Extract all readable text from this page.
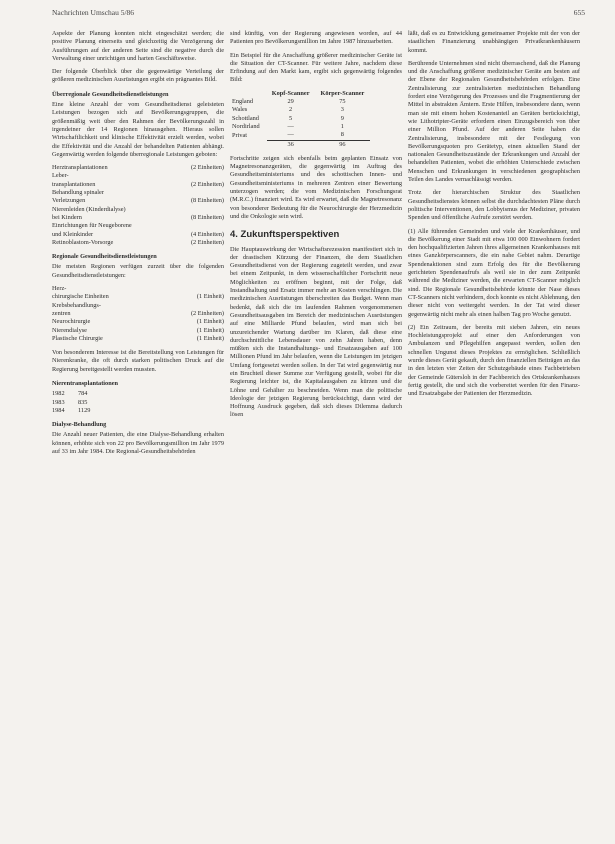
Nachrichten Umschau 5/86	655

Aspekte der Planung konnten nicht eingeschätzt werden; die positive Planung einerseits und gleichzeitig die Verzögerung der Ausführungen auf der anderen Seite sind die negative durch die Verwaltung einer unrichtigen und harten Geschäftsweise.

Der folgende Überblick über die gegenwärtige Verteilung der größeren medizinischen Ausrüstungen ergibt ein prägnantes Bild.

Überregionale Gesundheitsdienstleistungen

Eine kleine Anzahl der vom Gesundheitsdienst geleisteten Leistungen bezogen sich auf Bevölkerungsgruppen, die größenmäßig weit über den Rahmen der Bevölkerungszahl in irgendeiner der 14 Regionen hinausgehen. Hieraus sollen Wirtschaftlichkeit und klinische Effektivität erzielt werden, wobei die Effektivität und die Anzahl der behandelten Patienten abhängt. Gegenwärtig werden folgende überregionale Leistungen geboten:

Herztransplantationen	(2 Einheiten)
Leber-
transplantationen	(2 Einheiten)
Behandlung spinaler
Verletzungen	(8 Einheiten)
Nierenleiden (Kinderdialyse)
bei Kindern	(8 Einheiten)
Einrichtungen für Neugeborene
und Kleinkinder	(4 Einheiten)
Retinoblastom-Vorsorge	(2 Einheiten)
Regionale Gesundheitsdienstleistungen

Die meisten Regionen verfügen zurzeit über die folgenden Gesundheitsdienstleistungen:

Herz-
chirurgische Einheiten	(1 Einheit)
Krebsbehandlungs-
zentren	(2 Einheiten)
Neurochirurgie	(1 Einheit)
Nierendialyse	(1 Einheit)
Plastische Chirurgie	(1 Einheit)

Von besonderem Interesse ist die Bereitstellung von Leistungen für Nierenkranke, die oft durch starken politischen Druck auf die Regierung bereitgestellt werden mussten.

Nierentransplantationen
1982	784
1983	835
1984	1129
Dialyse-Behandlung

Die Anzahl neuer Patienten, die eine Dialyse-Behandlung erhalten können, erhöhte sich von 22 pro Bevölkerungsmillion im Jahr 1979 auf 33 im Jahr 1984. Die Regional-Gesundheitsbehörden

sind künftig, von der Regierung angewiesen worden, auf 44 Patienten pro Bevölkerungsmillion im Jahre 1987 hinzuarbeiten.

Ein Beispiel für die Anschaffung größerer medizinischer Geräte ist die Situation der CT-Scanner. Für weitere Jahre, nachdem diese Erfindung auf den Markt kam, ergibt sich gegenwärtig folgendes Bild:

	Kopf-Scanner	Körper-Scanner
England	29	75
Wales	2	3
Schottland	5	9
Nordirland	—	1
Privat	—	8
	36	96

Fortschritte zeigen sich ebenfalls beim geplanten Einsatz von Magnetresonanzgeräten, die gegenwärtig im Auftrag des Gesundheitsministeriums und des schottischen Innen- und Gesundheitsministeriums in mehreren Zentren einer Bewertung unterzogen werden; die vom Medizinischen Forschungsrat (M.R.C.) finanziert wird. Es wird erwartet, daß die Magnetresonanz von besonderer Bedeutung für die Neurochirurgie der Herzmedizin und die Onkologie sein wird.

4. Zukunftsperspektiven

Die Hauptauswirkung der Wirtschaftsrezession manifestiert sich in der drastischen Kürzung der Finanzen, die dem Staatlichen Gesundheitsdienst von der Regierung zugeteilt werden, und zwar bei einem Zeitpunkt, in dem wissenschaftlicher Fortschritt neue Möglichkeiten zu eröffnen beginnt, mit der Folge, daß Instandhaltung und Ersatz immer mehr an Kosten verschlingen. Die medizinischen Ausrüstungen überschreiten das Budget. Wenn man bedenkt, daß sich die im laufenden Rahmen vorgenommenen Gesundheitsausgaben im Bereich der medizinischen Ausrüstungen auf eine Milliarde Pfund belaufen, wird man sich bei unzureichender Wartung darüber im Klaren, daß diese eine durchschnittliche Lebensdauer von zehn Jahren haben, denn müßten sich die Instandhaltungs- und Ersatzausgaben auf 100 Millionen Pfund im Jahr belaufen, wenn die Leistungen im jetzigen Umfang fortgesetzt werden sollen. In der Tat wird gegenwärtig nur ein Bruchteil dieser Summe zur Verfügung gestellt, wobei für die Regierung leichter ist, die Kapitalausgaben zu kürzen und die Löhne und Gehälter zu beschneiden. Wenn man die politische Ideologie der jetzigen Regierung berücksichtigt, dann wird der Hoffnung Ausdruck gegeben, daß sich dieses Dilemma dadurch lösen

läßt, daß es zu Entwicklung gemeinsamer Projekte mit der von der staatlichen Finanzierung unabhängigen Privatkrankenhäusern kommt.

Berührende Unternehmen sind nicht überraschend, daß die Planung und die Anschaffung größerer medizinischer Geräte am besten auf der Ebene der Regionalen Gesundheitsbehörden erfolgen. Eine Zentralisierung zur zentralisierten medizinischen Behandlung fordert eine Verzögerung des Prozesses und die Fragmentierung der Mittel in abstrakten Ämtern. Erste Hilfen, insbesondere dann, wenn man sie mit einem hohen Kostenanteil an Geräten berücksichtigt, wie Lithotripter-Geräte erfordern einen Einzugsbereich von über einer Million Pfund. Auf der anderen Seite haben die Zentralisierung, insbesondere mit der Festlegung von Bevölkerungsquoten pro Gerätetyp, einen aktuellen Stand der nationalen Gesundheitszustände der Erkrankungen und Anzahl der behandelten Patienten, wobei die erhöhten Unterschiede zwischen Menschen und Erkrankungen in verschiedenen geographischen Teilen des Landes vernachlässigt werden.

Trotz der hierarchischen Struktur des Staatlichen Gesundheitsdienstes können selbst die durchdachtesten Pläne durch politische Interventionen, den Lobbyismus der Mediziner, privaten Spenden und öffentliche Aufrufe zerstört werden.

(1) Alle führenden Gemeinden und viele der Krankenhäuser, und die Bevölkerung einer Stadt mit etwa 100 000 Einwohnern fordert den hochqualifizierten Jahren ihres allgemeinen Krankenhauses mit eines Ganzkörperscanners, die ein nahe Gebiet nahm. Derartige Spendenaktionen sind zum Erfolg des für die Bevölkerung gerichteten Spendenaufrufs als weil sie in der zum Zeitpunkt während die Mediziner werden, die erwarten CT-Scanner möglich sind. Die Regionale Gesundheitsbehörde könnte der Nase dieses CT-Scanners nicht verhindern, doch konnte es nicht Ablehnung, den dieser nicht von weitergeht werden. In der Tat wird dieser gegenwärtig nicht mehr als einen halben Tag pro Woche genutzt.

(2) Ein Zeitraum, der bereits mit sieben Jahren, ein neues Hochleistungsprojekt auf einer den Anforderungen von Ambulanzen und Pflegehilfen angepasst werden, sollen den schnellen Ungunst dieses Projektes zu ermöglichen. Schließlich wurde dieses Gerät gekauft, durch den finanziellen Beiträgen an das in den letzten vier Zeiten der Schutzgebäude eines Fachbetrieben der Gemeinde Gütersloh in der Fachbereich des Ortskrankenhauses fertig gestellt, die und sich die vorbereitet werden für den Finanz- und Ersatzabgabe der Patienten der Herzmedizin.
